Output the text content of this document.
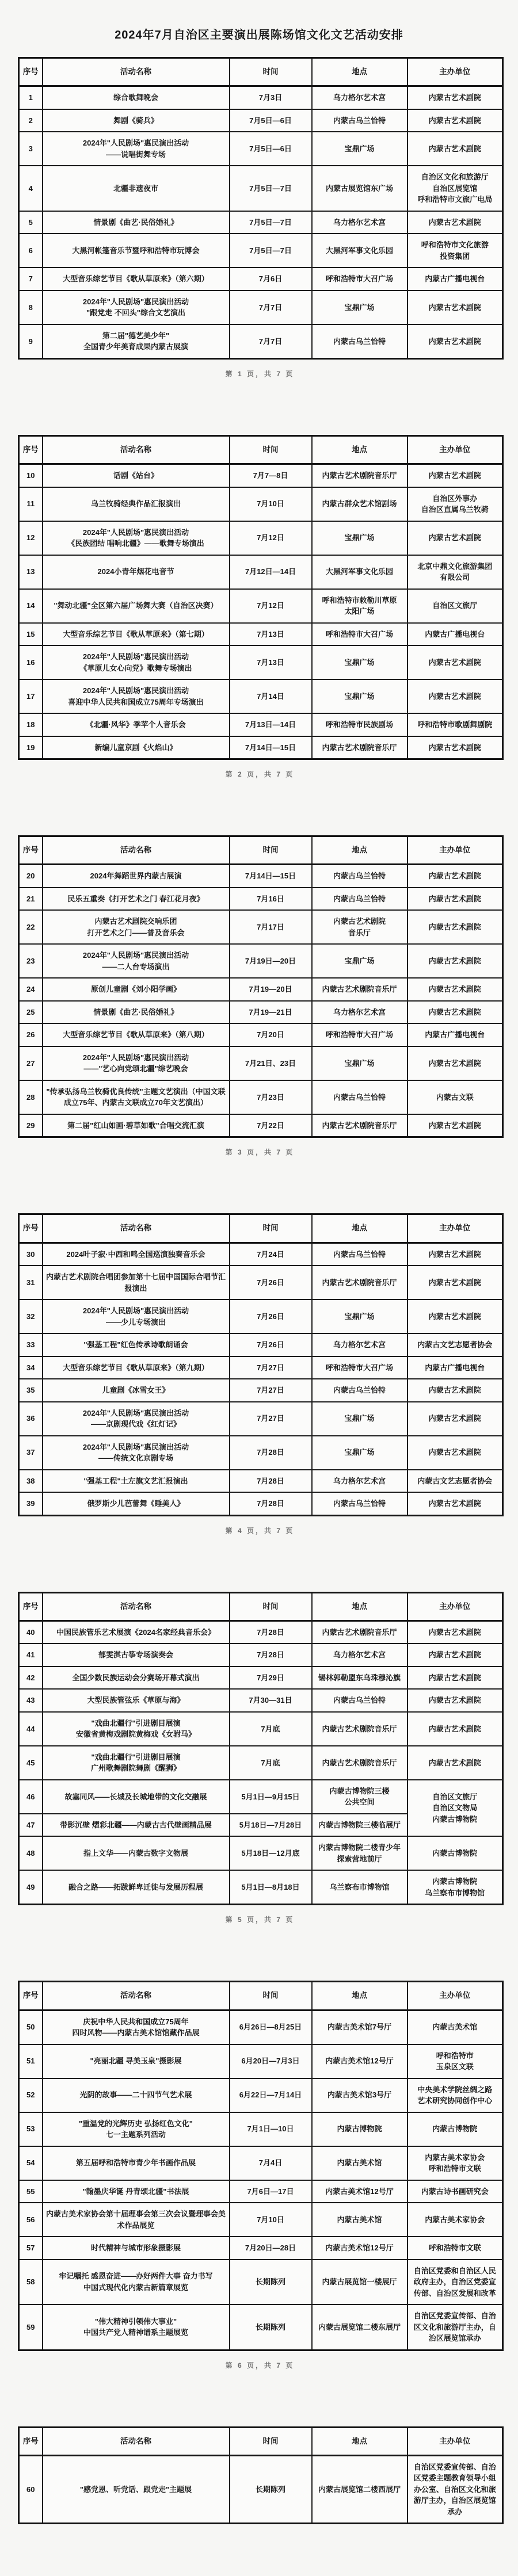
2024年7月自治区主要演出展陈场馆文化文艺活动安排
序号	活动名称	时间	地点	主办单位
1	综合歌舞晚会	7月3日	乌力格尔艺术宫	内蒙古艺术剧院
2	舞剧《骑兵》	7月5日—6日	内蒙古乌兰恰特	内蒙古艺术剧院
3	2024年"人民剧场"惠民演出活动
——说唱街舞专场	7月5日—6日	宝鼎广场	内蒙古艺术剧院
4	北疆非遗夜市	7月5日—7日	内蒙古展览馆东广场	自治区文化和旅游厅
自治区展览馆
呼和浩特市文旅广电局
5	情景剧《曲艺·民俗婚礼》	7月5日—7日	乌力格尔艺术宫	内蒙古艺术剧院
6	大黑河帐篷音乐节暨呼和浩特市玩博会	7月5日—7日	大黑河军事文化乐园	呼和浩特市文化旅游
投资集团
7	大型音乐综艺节目《歌从草原来》（第六期）	7月6日	呼和浩特市大召广场	内蒙古广播电视台
8	2024年"人民剧场"惠民演出活动
"跟党走 不回头"综合文艺演出	7月7日	宝鼎广场	内蒙古艺术剧院
9	第二届"德艺美少年"
全国青少年美育成果内蒙古展演	7月7日	内蒙古乌兰恰特	内蒙古艺术剧院
第 1 页，共 7 页
序号	活动名称	时间	地点	主办单位
10	话剧《站台》	7月7—8日	内蒙古艺术剧院音乐厅	内蒙古艺术剧院
11	乌兰牧骑经典作品汇报演出	7月10日	内蒙古群众艺术馆剧场	自治区外事办
自治区直属乌兰牧骑
12	2024年"人民剧场"惠民演出活动
《民族团结 唱响北疆》——歌舞专场演出	7月12日	宝鼎广场	内蒙古艺术剧院
13	2024小青年烟花电音节	7月12日—14日	大黑河军事文化乐园	北京中鼎文化旅游集团
有限公司
14	"舞动北疆"全区第六届广场舞大赛（自治区决赛）	7月12日	呼和浩特市敕勒川草原
太阳广场	自治区文旅厅
15	大型音乐综艺节目《歌从草原来》（第七期）	7月13日	呼和浩特市大召广场	内蒙古广播电视台
16	2024年"人民剧场"惠民演出活动
《草原儿女心向党》歌舞专场演出	7月13日	宝鼎广场	内蒙古艺术剧院
17	2024年"人民剧场"惠民演出活动
喜迎中华人民共和国成立75周年专场演出	7月14日	宝鼎广场	内蒙古艺术剧院
18	《北疆·风华》季苹个人音乐会	7月13日—14日	呼和浩特市民族剧场	呼和浩特市歌剧舞剧院
19	新编儿童京剧《火焰山》	7月14日—15日	内蒙古艺术剧院音乐厅	内蒙古艺术剧院
第 2 页，共 7 页
序号	活动名称	时间	地点	主办单位
20	2024年舞蹈世界内蒙古展演	7月14日—15日	内蒙古乌兰恰特	内蒙古艺术剧院
21	民乐五重奏《打开艺术之门 春江花月夜》	7月16日	内蒙古乌兰恰特	内蒙古艺术剧院
22	内蒙古艺术剧院交响乐团
打开艺术之门——普及音乐会	7月17日	内蒙古艺术剧院
音乐厅	内蒙古艺术剧院
23	2024年"人民剧场"惠民演出活动
——二人台专场演出	7月19日—20日	宝鼎广场	内蒙古艺术剧院
24	原创儿童剧《刘小阳学画》	7月19—20日	内蒙古艺术剧院音乐厅	内蒙古艺术剧院
25	情景剧《曲艺·民俗婚礼》	7月19—21日	乌力格尔艺术宫	内蒙古艺术剧院
26	大型音乐综艺节目《歌从草原来》（第八期）	7月20日	呼和浩特市大召广场	内蒙古广播电视台
27	2024年"人民剧场"惠民演出活动
——"艺心向党颂北疆"综艺晚会	7月21日、23日	宝鼎广场	内蒙古艺术剧院
28	"传承弘扬乌兰牧骑优良传统"主题文艺演出（中国文联成立75年、内蒙古文联成立70年文艺演出）	7月23日	内蒙古乌兰恰特	内蒙古文联
29	第二届"红山如画·碧草如歌"合唱交流汇演	7月22日	内蒙古艺术剧院音乐厅	内蒙古艺术剧院
第 3 页，共 7 页
序号	活动名称	时间	地点	主办单位
30	2024叶子寂·中西和鸣全国巡演独奏音乐会	7月24日	内蒙古乌兰恰特	内蒙古艺术剧院
31	内蒙古艺术剧院合唱团参加第十七届中国国际合唱节汇报演出	7月26日	内蒙古艺术剧院音乐厅	内蒙古艺术剧院
32	2024年"人民剧场"惠民演出活动
——少儿专场演出	7月26日	宝鼎广场	内蒙古艺术剧院
33	"强基工程"红色传承诗歌朗诵会	7月26日	乌力格尔艺术宫	内蒙古文艺志愿者协会
34	大型音乐综艺节目《歌从草原来》（第九期）	7月27日	呼和浩特市大召广场	内蒙古广播电视台
35	儿童剧《冰雪女王》	7月27日	内蒙古乌兰恰特	内蒙古艺术剧院
36	2024年"人民剧场"惠民演出活动
——京剧现代戏《红灯记》	7月27日	宝鼎广场	内蒙古艺术剧院
37	2024年"人民剧场"惠民演出活动
——传统文化京剧专场	7月28日	宝鼎广场	内蒙古艺术剧院
38	"强基工程"土左旗文艺汇报演出	7月28日	乌力格尔艺术宫	内蒙古文艺志愿者协会
39	俄罗斯少儿芭蕾舞《睡美人》	7月28日	内蒙古乌兰恰特	内蒙古艺术剧院
第 4 页，共 7 页
序号	活动名称	时间	地点	主办单位
40	中国民族管乐艺术展演《2024名家经典音乐会》	7月28日	内蒙古艺术剧院音乐厅	内蒙古艺术剧院
41	郁雯淇古筝专场演奏会	7月28日	乌力格尔艺术宫	内蒙古艺术剧院
42	全国少数民族运动会分赛场开幕式演出	7月29日	锡林郭勒盟东乌珠穆沁旗	内蒙古艺术剧院
43	大型民族管弦乐《草原与海》	7月30—31日	内蒙古乌兰恰特	内蒙古艺术剧院
44	"戏曲北疆行"引进剧目展演
安徽省黄梅戏剧院黄梅戏《女驸马》	7月底	内蒙古艺术剧院音乐厅	内蒙古艺术剧院
45	"戏曲北疆行"引进剧目展演
广州歌舞剧院舞剧《醒狮》	7月底	内蒙古艺术剧院音乐厅	内蒙古艺术剧院
46	故塞同风——长城及长城地带的文化交融展	5月1日—9月15日	内蒙古博物院三楼
公共空间	自治区文旅厅
自治区文物局
内蒙古博物院
47	带影沉壁 熠彩北疆——内蒙古古代壁画精品展	5月18日—7月28日	内蒙古博物院三楼临展厅	
48	指上文华——内蒙古数字文物展	5月18日—12月底	内蒙古博物院二楼青少年探索营地前厅	内蒙古博物院
49	融合之路——拓跋鲜卑迁徙与发展历程展	5月1日—8月18日	乌兰察布市博物馆	内蒙古博物院
乌兰察布市博物馆
第 5 页，共 7 页
序号	活动名称	时间	地点	主办单位
50	庆祝中华人民共和国成立75周年
四时风物——内蒙古美术馆馆藏作品展	6月26日—8月25日	内蒙古美术馆7号厅	内蒙古美术馆
51	"亮丽北疆 寻美玉泉"摄影展	6月20日—7月3日	内蒙古美术馆12号厅	呼和浩特市
玉泉区文联
52	光阴的故事——二十四节气艺术展	6月22日—7月14日	内蒙古美术馆3号厅	中央美术学院丝绸之路
艺术研究协同创作中心
53	"重温党的光辉历史 弘扬红色文化"
七一主题系列活动	7月1日—10日	内蒙古博物院	内蒙古博物院
54	第五届呼和浩特市青少年书画作品展	7月4日	内蒙古美术馆	内蒙古美术家协会
呼和浩特市文联
55	"翰墨庆华诞 丹青颂北疆"书法展	7月6日—17日	内蒙古美术馆12号厅	内蒙古诗书画研究会
56	内蒙古美术家协会第十届理事会第三次会议暨理事会美术作品展览	7月10日	内蒙古美术馆	内蒙古美术家协会
57	时代精神与城市形象摄影展	7月20日—28日	内蒙古美术馆12号厅	呼和浩特市文联
58	牢记嘱托 感恩奋进——办好两件大事 奋力书写
中国式现代化内蒙古新篇章展览	长期陈列	内蒙古展览馆一楼展厅	自治区党委和自治区人民政府主办，自治区党委宣传部、自治区发展和改革
59	"伟大精神引领伟大事业"
中国共产党人精神谱系主题展览	长期陈列	内蒙古展览馆二楼东展厅	自治区党委宣传部、自治区文化和旅游厅主办，自治区展览馆承办
第 6 页，共 7 页
序号	活动名称	时间	地点	主办单位
60	"感党恩、听党话、跟党走"主题展	长期陈列	内蒙古展览馆二楼西展厅	自治区党委宣传部、自治区党委主题教育领导小组办公室、自治区文化和旅游厅主办，自治区展览馆承办
